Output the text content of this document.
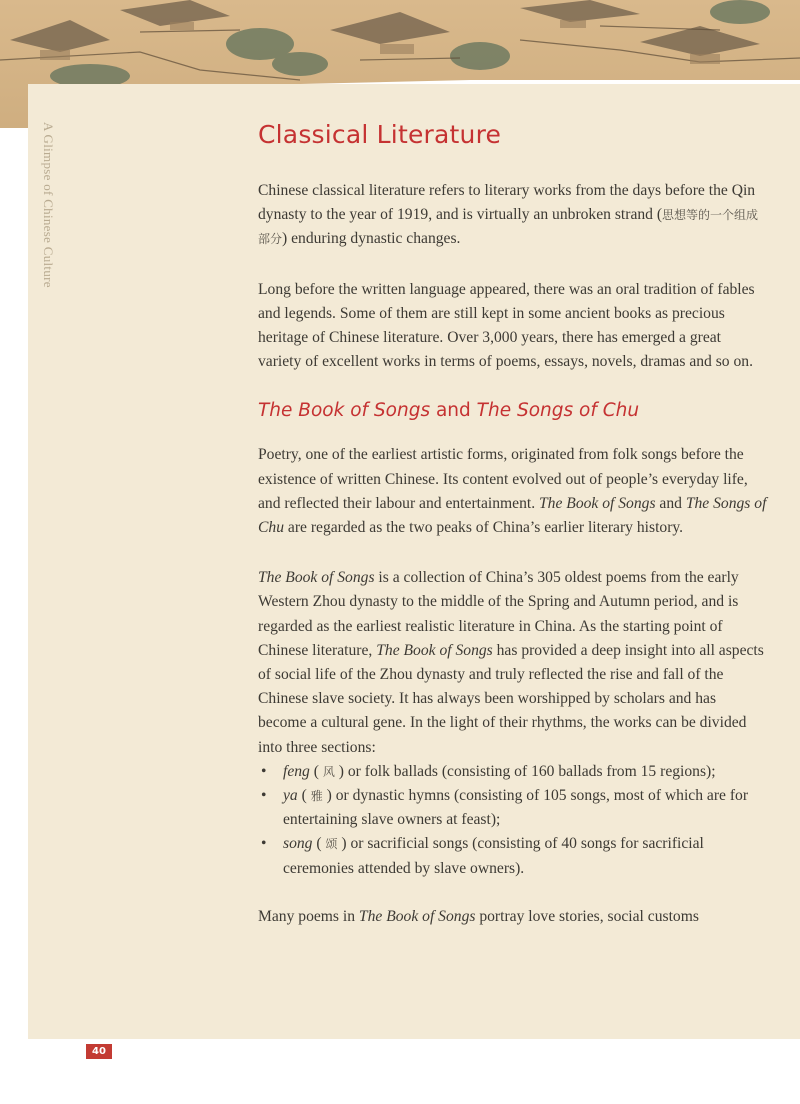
A Glimpse of Chinese Culture	Classical Literature

Chinese classical literature refers to literary works from the days before the Qin dynasty to the year of 1919, and is virtually an unbroken strand (思想等的一个组成部分) enduring dynastic changes.

Long before the written language appeared, there was an oral tradition of fables and legends. Some of them are still kept in some ancient books as precious heritage of Chinese literature. Over 3,000 years, there has emerged a great variety of excellent works in terms of poems, essays, novels, dramas and so on.

The Book of Songs and The Songs of Chu

Poetry, one of the earliest artistic forms, originated from folk songs before the existence of written Chinese. Its content evolved out of people’s everyday life, and reflected their labour and entertainment. The Book of Songs and The Songs of Chu are regarded as the two peaks of China’s earlier literary history.

The Book of Songs is a collection of China’s 305 oldest poems from the early Western Zhou dynasty to the middle of the Spring and Autumn period, and is regarded as the earliest realistic literature in China. As the starting point of Chinese literature, The Book of Songs has provided a deep insight into all aspects of social life of the Zhou dynasty and truly reflected the rise and fall of the Chinese slave society. It has always been worshipped by scholars and has become a cultural gene. In the light of their rhythms, the works can be divided into three sections:

• feng ( 风 ) or folk ballads (consisting of 160 ballads from 15 regions);
• ya ( 雅 ) or dynastic hymns (consisting of 105 songs, most of which are for entertaining slave owners at feast);
• song ( 颂 ) or sacrificial songs (consisting of 40 songs for sacrificial ceremonies attended by slave owners).

Many poems in The Book of Songs portray love stories, social customs

40
